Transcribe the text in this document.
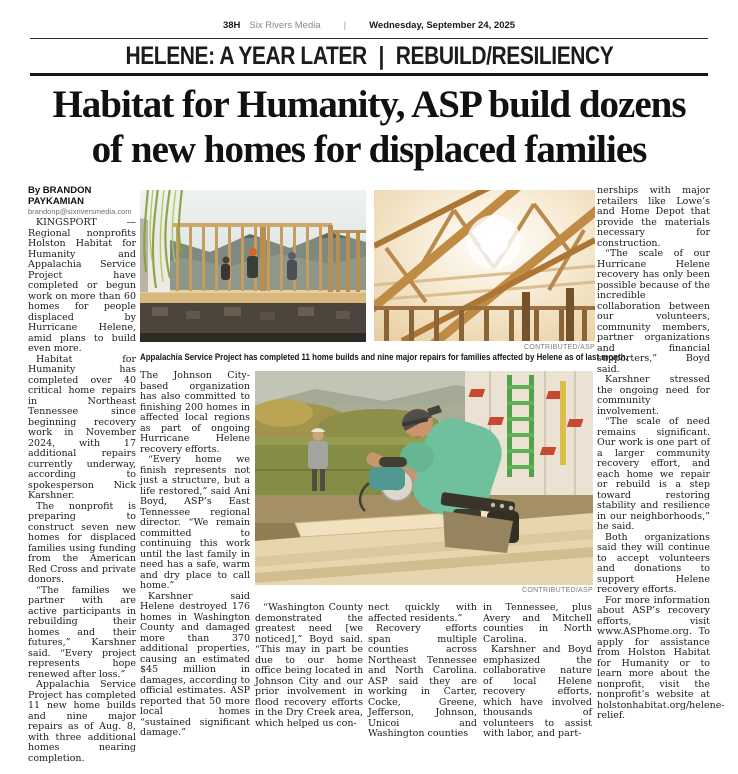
38H Six Rivers Media | Wednesday, September 24, 2025
HELENE: A YEAR LATER | REBUILD/RESILIENCY
Habitat for Humanity, ASP build dozens
of new homes for displaced families
By BRANDON PAYKAMIAN
brandonp@sixriversmedia.com
CONTRIBUTED/ASP
Appalachia Service Project has completed 11 home builds and nine major repairs for families affected by Helene as of last month.
CONTRIBUTED/ASP

KINGSPORT — Regional nonprofits Holston Habitat for Humanity and Appalachia Service Project have completed or begun work on more than 60 homes for people displaced by Hurricane Helene, amid plans to build even more.

Habitat for Humanity has completed over 40 critical home repairs in Northeast Tennessee since beginning recovery work in November 2024, with 17 additional repairs currently underway, according to spokesperson Nick Karshner.

The nonprofit is preparing to construct seven new homes for displaced families using funding from the American Red Cross and private donors.

“The families we partner with are active participants in rebuilding their homes and their futures,” Karshner said. “Every project represents hope renewed after loss.”

Appalachia Service Project has completed 11 new home builds and nine major repairs as of Aug. 8, with three additional homes nearing completion.

The Johnson City-based organization has also committed to finishing 200 homes in affected local regions as part of ongoing Hurricane Helene recovery efforts.

“Every home we finish represents not just a structure, but a life restored,” said Ani Boyd, ASP’s East Tennessee regional director. “We remain committed to continuing this work until the last family in need has a safe, warm and dry place to call home.”

Karshner said Helene destroyed 176 homes in Washington County and damaged more than 370 additional properties, causing an estimated $45 million in damages, according to official estimates. ASP reported that 50 more local homes “sustained significant damage.”

“Washington County demonstrated the greatest need [we noticed],” Boyd said. “This may in part be due to our home office being located in Johnson City and our prior involvement in flood recovery efforts in the Dry Creek area, which helped us con-

nect quickly with affected residents.”

Recovery efforts span multiple counties across Northeast Tennessee and North Carolina. ASP said they are working in Carter, Cocke, Greene, Jefferson, Johnson, Unicoi and Washington counties

in Tennessee, plus Avery and Mitchell counties in North Carolina.

Karshner and Boyd emphasized the collaborative nature of local Helene recovery efforts, which have involved thousands of volunteers to assist with labor, and part-

nerships with major retailers like Lowe’s and Home Depot that provide the materials necessary for construction.

“The scale of our Hurricane Helene recovery has only been possible because of the incredible collaboration between our volunteers, community members, partner organizations and financial supporters,” Boyd said.

Karshner stressed the ongoing need for community involvement.

“The scale of need remains significant. Our work is one part of a larger community recovery effort, and each home we repair or rebuild is a step toward restoring stability and resilience in our neighborhoods,” he said.

Both organizations said they will continue to accept volunteers and donations to support Helene recovery efforts.

For more information about ASP’s recovery efforts, visit www.ASPhome.org. To apply for assistance from Holston Habitat for Humanity or to learn more about the nonprofit, visit the nonprofit’s website at holstonhabitat.org/helene-relief.
